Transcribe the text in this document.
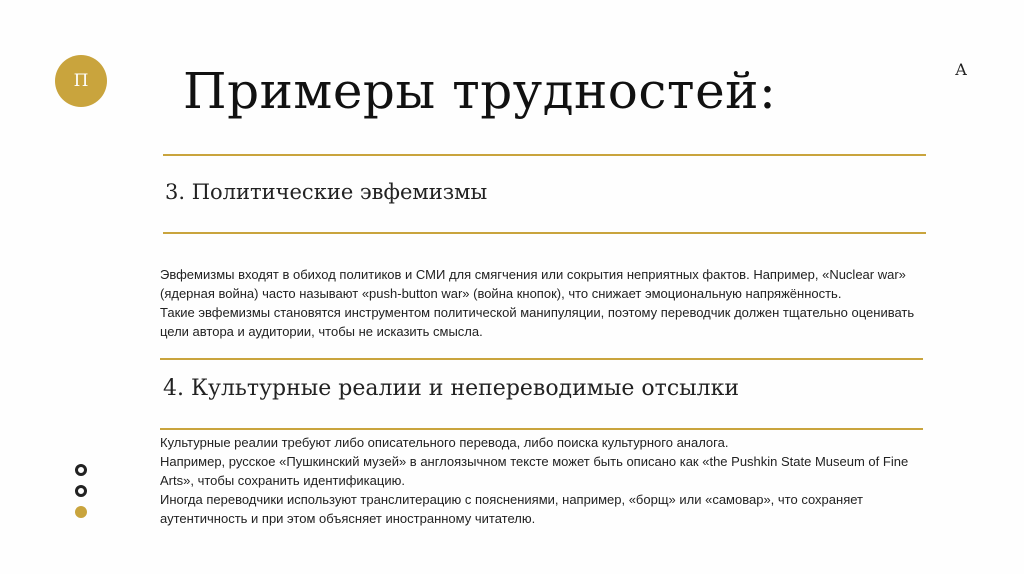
П
А
Примеры трудностей:
3. Политические эвфемизмы
Эвфемизмы входят в обиход политиков и СМИ для смягчения или сокрытия неприятных фактов. Например, «Nuclear war»
(ядерная война) часто называют «push-button war» (война кнопок), что снижает эмоциональную напряжённость.
Такие эвфемизмы становятся инструментом политической манипуляции, поэтому переводчик должен тщательно оценивать
цели автора и аудитории, чтобы не исказить смысла.
4. Культурные реалии и непереводимые отсылки
Культурные реалии требуют либо описательного перевода, либо поиска культурного аналога.
Например, русское «Пушкинский музей» в англоязычном тексте может быть описано как «the Pushkin State Museum of Fine
Arts», чтобы сохранить идентификацию.
Иногда переводчики используют транслитерацию с пояснениями, например, «борщ» или «самовар», что сохраняет
аутентичность и при этом объясняет иностранному читателю.
